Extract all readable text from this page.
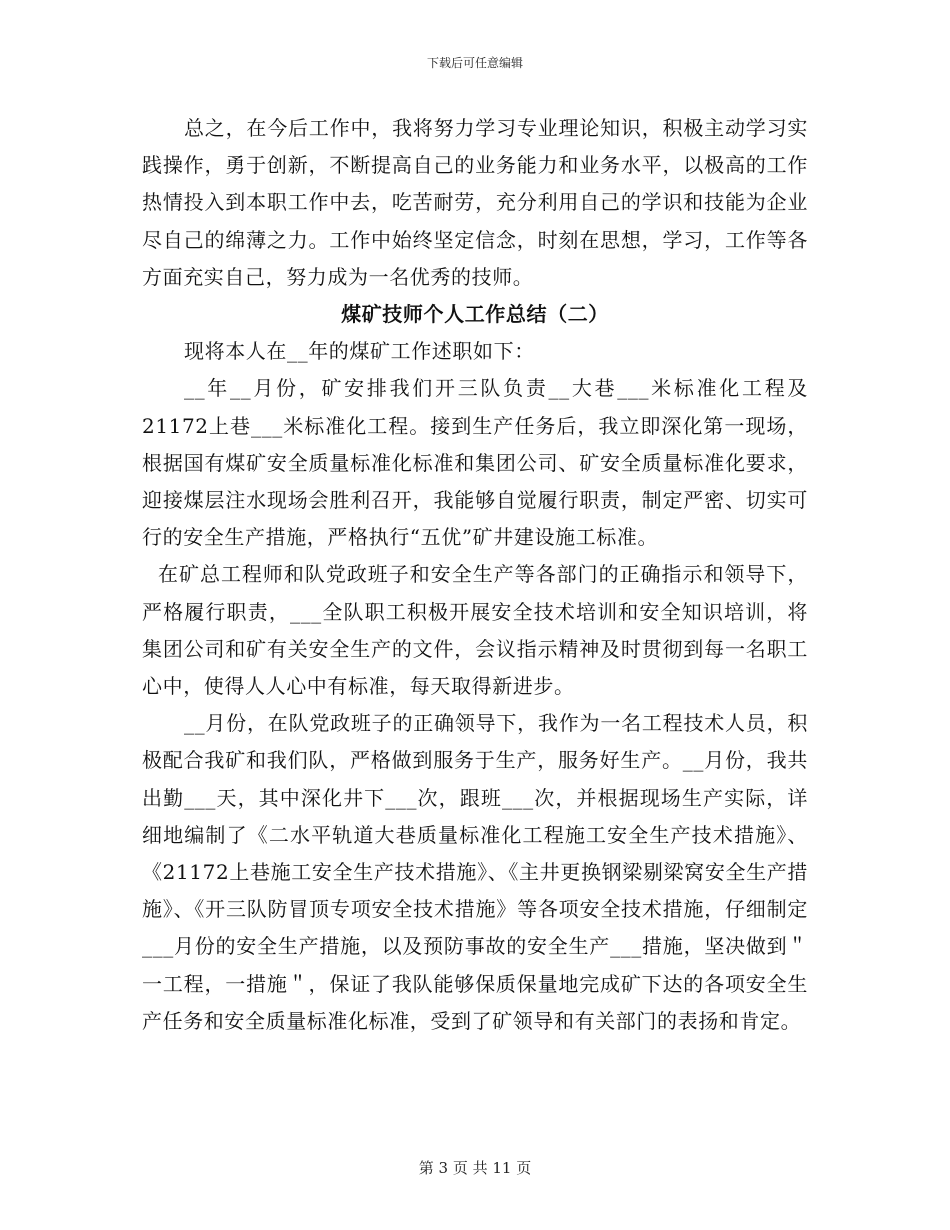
下载后可任意编辑

总之，在今后工作中，我将努力学习专业理论知识，积极主动学习实践操作，勇于创新，不断提高自己的业务能力和业务水平，以极高的工作热情投入到本职工作中去，吃苦耐劳，充分利用自己的学识和技能为企业尽自己的绵薄之力。工作中始终坚定信念，时刻在思想，学习，工作等各方面充实自己，努力成为一名优秀的技师。

煤矿技师个人工作总结（二）

现将本人在__年的煤矿工作述职如下：

__年__月份，矿安排我们开三队负责__大巷___米标准化工程及21172上巷___米标准化工程。接到生产任务后，我立即深化第一现场，根据国有煤矿安全质量标准化标准和集团公司、矿安全质量标准化要求，迎接煤层注水现场会胜利召开，我能够自觉履行职责，制定严密、切实可行的安全生产措施，严格执行“五优”矿井建设施工标准。

在矿总工程师和队党政班子和安全生产等各部门的正确指示和领导下，严格履行职责，___全队职工积极开展安全技术培训和安全知识培训，将集团公司和矿有关安全生产的文件，会议指示精神及时贯彻到每一名职工心中，使得人人心中有标准，每天取得新进步。

__月份，在队党政班子的正确领导下，我作为一名工程技术人员，积极配合我矿和我们队，严格做到服务于生产，服务好生产。__月份，我共出勤___天，其中深化井下___次，跟班___次，并根据现场生产实际，详细地编制了《二水平轨道大巷质量标准化工程施工安全生产技术措施》、《21172上巷施工安全生产技术措施》、《主井更换钢梁剔梁窝安全生产措施》、《开三队防冒顶专项安全技术措施》等各项安全技术措施，仔细制定___月份的安全生产措施，以及预防事故的安全生产___措施，坚决做到＂一工程，一措施＂，保证了我队能够保质保量地完成矿下达的各项安全生产任务和安全质量标准化标准，受到了矿领导和有关部门的表扬和肯定。

第 3 页 共 11 页
